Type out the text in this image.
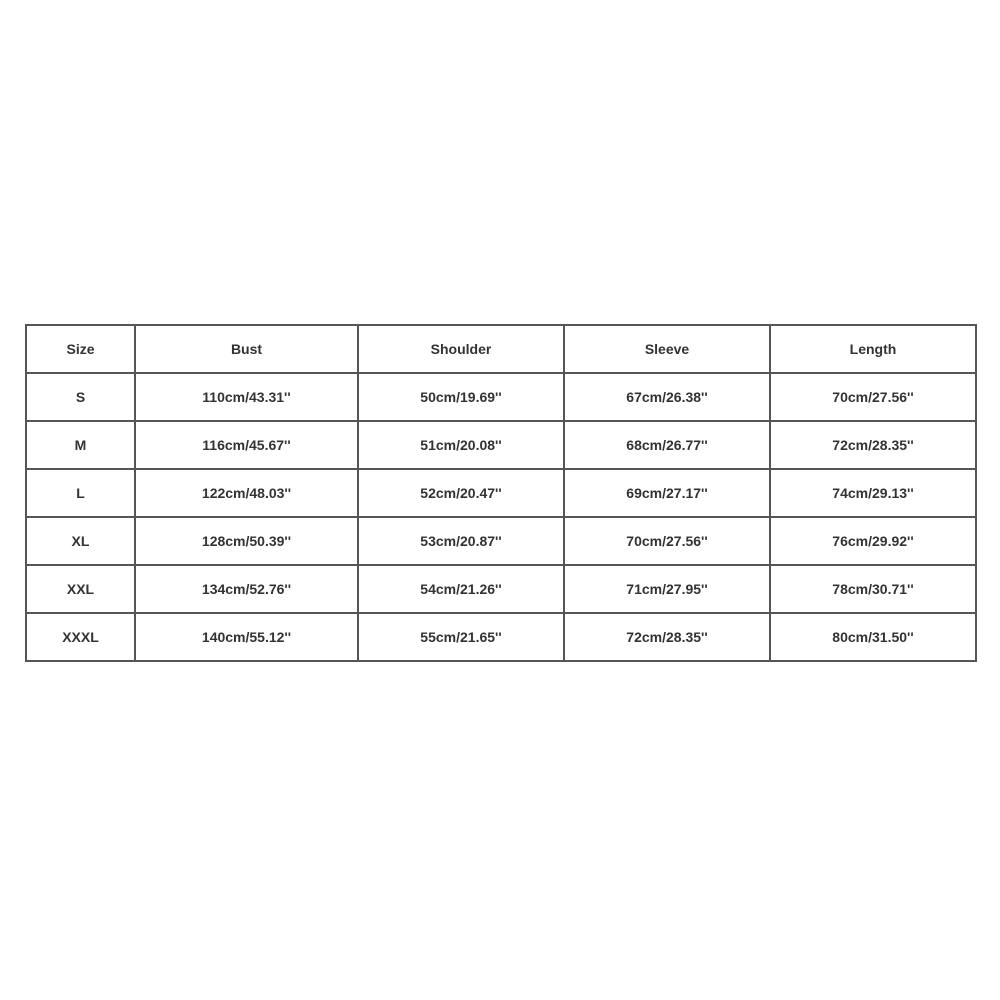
Size	Bust	Shoulder	Sleeve	Length
S	110cm/43.31''	50cm/19.69''	67cm/26.38''	70cm/27.56''
M	116cm/45.67''	51cm/20.08''	68cm/26.77''	72cm/28.35''
L	122cm/48.03''	52cm/20.47''	69cm/27.17''	74cm/29.13''
XL	128cm/50.39''	53cm/20.87''	70cm/27.56''	76cm/29.92''
XXL	134cm/52.76''	54cm/21.26''	71cm/27.95''	78cm/30.71''
XXXL	140cm/55.12''	55cm/21.65''	72cm/28.35''	80cm/31.50''
